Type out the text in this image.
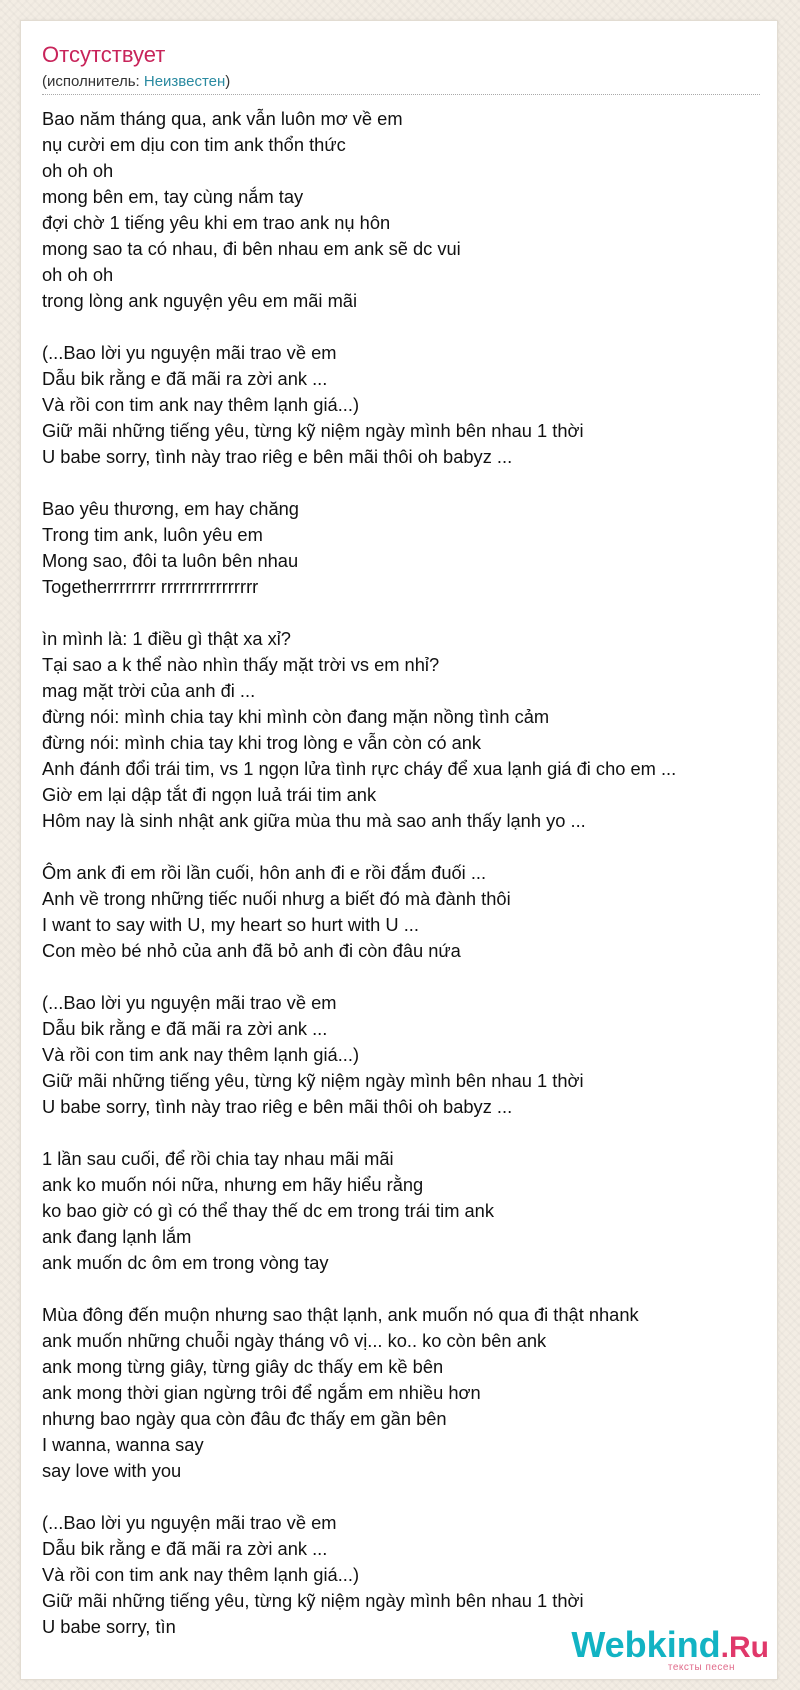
Отсутствует
(исполнитель: Неизвестен)
Bao năm tháng qua, ank vẫn luôn mơ về em
nụ cười em dịu con tim ank thổn thức
oh oh oh
mong bên em, tay cùng nắm tay
đợi chờ 1 tiếng yêu khi em trao ank nụ hôn
mong sao ta có nhau, đi bên nhau em ank sẽ dc vui
oh oh oh
trong lòng ank nguyện yêu em mãi mãi

(...Bao lời yu nguyện mãi trao về em
Dẫu bik rằng e đã mãi ra zời ank ...
Và rồi con tim ank nay thêm lạnh giá...)
Giữ mãi những tiếng yêu, từng kỹ niệm ngày mình bên nhau 1 thời
U babe sorry, tình này trao riêg e bên mãi thôi oh babyz ...

Bao yêu thương, em hay chăng
Trong tim ank, luôn yêu em
Mong sao, đôi ta luôn bên nhau
Togetherrrrrrrr rrrrrrrrrrrrrrrr

ìn mình là: 1 điều gì thật xa xỉ?
Tại sao a k thể nào nhìn thấy mặt trời vs em nhỉ?
mag mặt trời của anh đi ...
đừng nói: mình chia tay khi mình còn đang mặn nồng tình cảm
đừng nói: mình chia tay khi trog lòng e vẫn còn có ank
Anh đánh đổi trái tim, vs 1 ngọn lửa tình rực cháy để xua lạnh giá đi cho em ...
Giờ em lại dập tắt đi ngọn luả trái tim ank
Hôm nay là sinh nhật ank giữa mùa thu mà sao anh thấy lạnh yo ...

Ôm ank đi em rồi lần cuối, hôn anh đi e rồi đắm đuối ...
Anh về trong những tiếc nuối nhưg a biết đó mà đành thôi
I want to say with U, my heart so hurt with U ...
Con mèo bé nhỏ của anh đã bỏ anh đi còn đâu nứa

(...Bao lời yu nguyện mãi trao về em
Dẫu bik rằng e đã mãi ra zời ank ...
Và rồi con tim ank nay thêm lạnh giá...)
Giữ mãi những tiếng yêu, từng kỹ niệm ngày mình bên nhau 1 thời
U babe sorry, tình này trao riêg e bên mãi thôi oh babyz ...

1 lần sau cuối, để rồi chia tay nhau mãi mãi
ank ko muốn nói nữa, nhưng em hãy hiểu rằng
ko bao giờ có gì có thể thay thế dc em trong trái tim ank
ank đang lạnh lắm
ank muốn dc ôm em trong vòng tay

Mùa đông đến muộn nhưng sao thật lạnh, ank muốn nó qua đi thật nhank
ank muốn những chuỗi ngày tháng vô vị... ko.. ko còn bên ank
ank mong từng giây, từng giây dc thấy em kề bên
ank mong thời gian ngừng trôi để ngắm em nhiều hơn
nhưng bao ngày qua còn đâu đc thấy em gần bên
I wanna, wanna say
say love with you

(...Bao lời yu nguyện mãi trao về em
Dẫu bik rằng e đã mãi ra zời ank ...
Và rồi con tim ank nay thêm lạnh giá...)
Giữ mãi những tiếng yêu, từng kỹ niệm ngày mình bên nhau 1 thời
U babe sorry, tìn	Webkind.Ru
тексты песен
